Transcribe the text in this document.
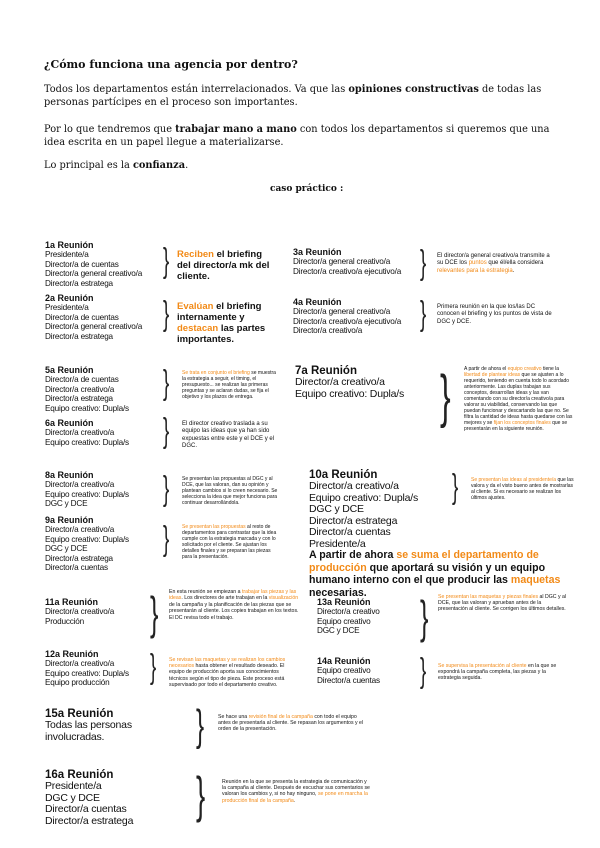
¿Cómo funciona una agencia por dentro?
Todos los departamentos están interrelacionados. Va que las opiniones constructivas de todas las personas partícipes en el proceso son importantes.
Por lo que tendremos que trabajar mano a mano con todos los departamentos si queremos que una idea escrita en un papel llegue a materializarse.
Lo principal es la confianza.
caso práctico :
1a Reunión
Presidente/a
Director/a de cuentas
Director/a general creativo/a
Director/a estratega
} Reciben el briefing del director/a mk del cliente.
2a Reunión
Presidente/a
Director/a de cuentas
Director/a general creativo/a
Director/a estratega
} Evalúan el briefing internamente y destacan las partes importantes.
3a Reunión
Director/a general creativo/a
Director/a creativo/a ejecutivo/a } El director/a general creativo/a transmite a su DCE los puntos que él/ella considera relevantes para la estrategia.
4a Reunión
Director/a general creativo/a
Director/a creativo/a ejecutivo/a
Director/a creativo/a	} Primera reunión en la que los/las DC conocen el briefing y los puntos de vista de DGC y DCE.
5a Reunión
Director/a de cuentas
Director/a creativo/a
Director/a estratega
Equipo creativo: Dupla/s
}	Se trata en conjunto el briefing se muestra la estrategia a seguir, el timing, el presupuesto... se realizan las primeras preguntas y se aclaran dudas, se fija el objetivo y los plazos de entrega.
6a Reunión
Director/a creativo/a
Equipo creativo: Dupla/s } El director creativo traslada a su equipo las ideas que ya han sido expuestas entre este y el DCE y el DGC.
7a Reunión
Director/a creativo/a
Equipo creativo: Dupla/s }	A partir de ahora el equipo creativo tiene la libertad de plantear ideas que se ajusten a lo requerido, teniendo en cuenta todo lo acordado anteriormente. Las duplas trabajan sus conceptos, desarrollan ideas y las van comentando con su director/a creativo/a para valorar su viabilidad, conservando las que puedan funcionar y descartando las que no. Se filtra la cantidad de ideas hasta quedarse con las mejores y se fijan los conceptos finales que se presentarán en la siguiente reunión.
8a Reunión
Director/a creativo/a
Equipo creativo: Dupla/s
DGC y DCE	}	Se presentan las propuestas al DGC y al DCE, que las valoran, dan su opinión y plantean cambios si lo creen necesario. Se selecciona la idea que mejor funciona para continuar desarrollándola.
9a Reunión
Director/a creativo/a
Equipo creativo: Dupla/s
DGC y DCE
Director/a estratega
Director/a cuentas
}	Se presentan las propuestas al resto de departamentos para contrastar que la idea cumple con la estrategia marcada y con lo solicitado por el cliente. Se ajustan los detalles finales y se preparan las piezas para la presentación.
10a Reunión
Director/a creativo/a
Equipo creativo: Dupla/s
DGC y DCE
Director/a estratega
Director/a cuentas
Presidente/a
}	Se presentan las ideas al presidente/a que las valora y da el visto bueno antes de mostrarlas al cliente. Si es necesario se realizan los últimos ajustes.
A partir de ahora se suma el departamento de producción que aportará su visión y un equipo humano interno con el que producir las maquetas necesarias.
11a Reunión
Director/a creativo/a
Producción	} En esta reunión se empiezan a trabajar las piezas y las ideas. Los directores de arte trabajan en la visualización de la campaña y la planificación de las piezas que se presentarán al cliente. Los copies trabajan en los textos. El DC revisa todo el trabajo.
12a Reunión
Director/a creativo/a
Equipo creativo: Dupla/s
Equipo producción	} Se revisan las maquetas y se realizan los cambios necesarios hasta obtener el resultado deseado. El equipo de producción aporta sus conocimientos técnicos según el tipo de pieza. Este proceso está supervisado por todo el departamento creativo.
13a Reunión
Director/a creativo
Equipo creativo
DGC y DCE	} Se presentan las maquetas y piezas finales al DGC y al DCE, que las valoran y aprueban antes de la presentación al cliente. Se corrigen los últimos detalles.
14a Reunión
Equipo creativo
Director/a cuentas } Se supervisa la presentación al cliente en la que se expondrá la campaña completa, las piezas y la estrategia seguida.
15a Reunión
Todas las personas
involucradas.	}	Se hace una revisión final de la campaña con todo el equipo antes de presentarla al cliente. Se repasan los argumentos y el orden de la presentación.
16a Reunión
Presidente/a
DGC y DCE
Director/a cuentas
Director/a estratega }	Reunión en la que se presenta la estrategia de comunicación y la campaña al cliente. Después de escuchar sus comentarios se valoran los cambios y, si no hay ninguno, se pone en marcha la producción final de la campaña.
